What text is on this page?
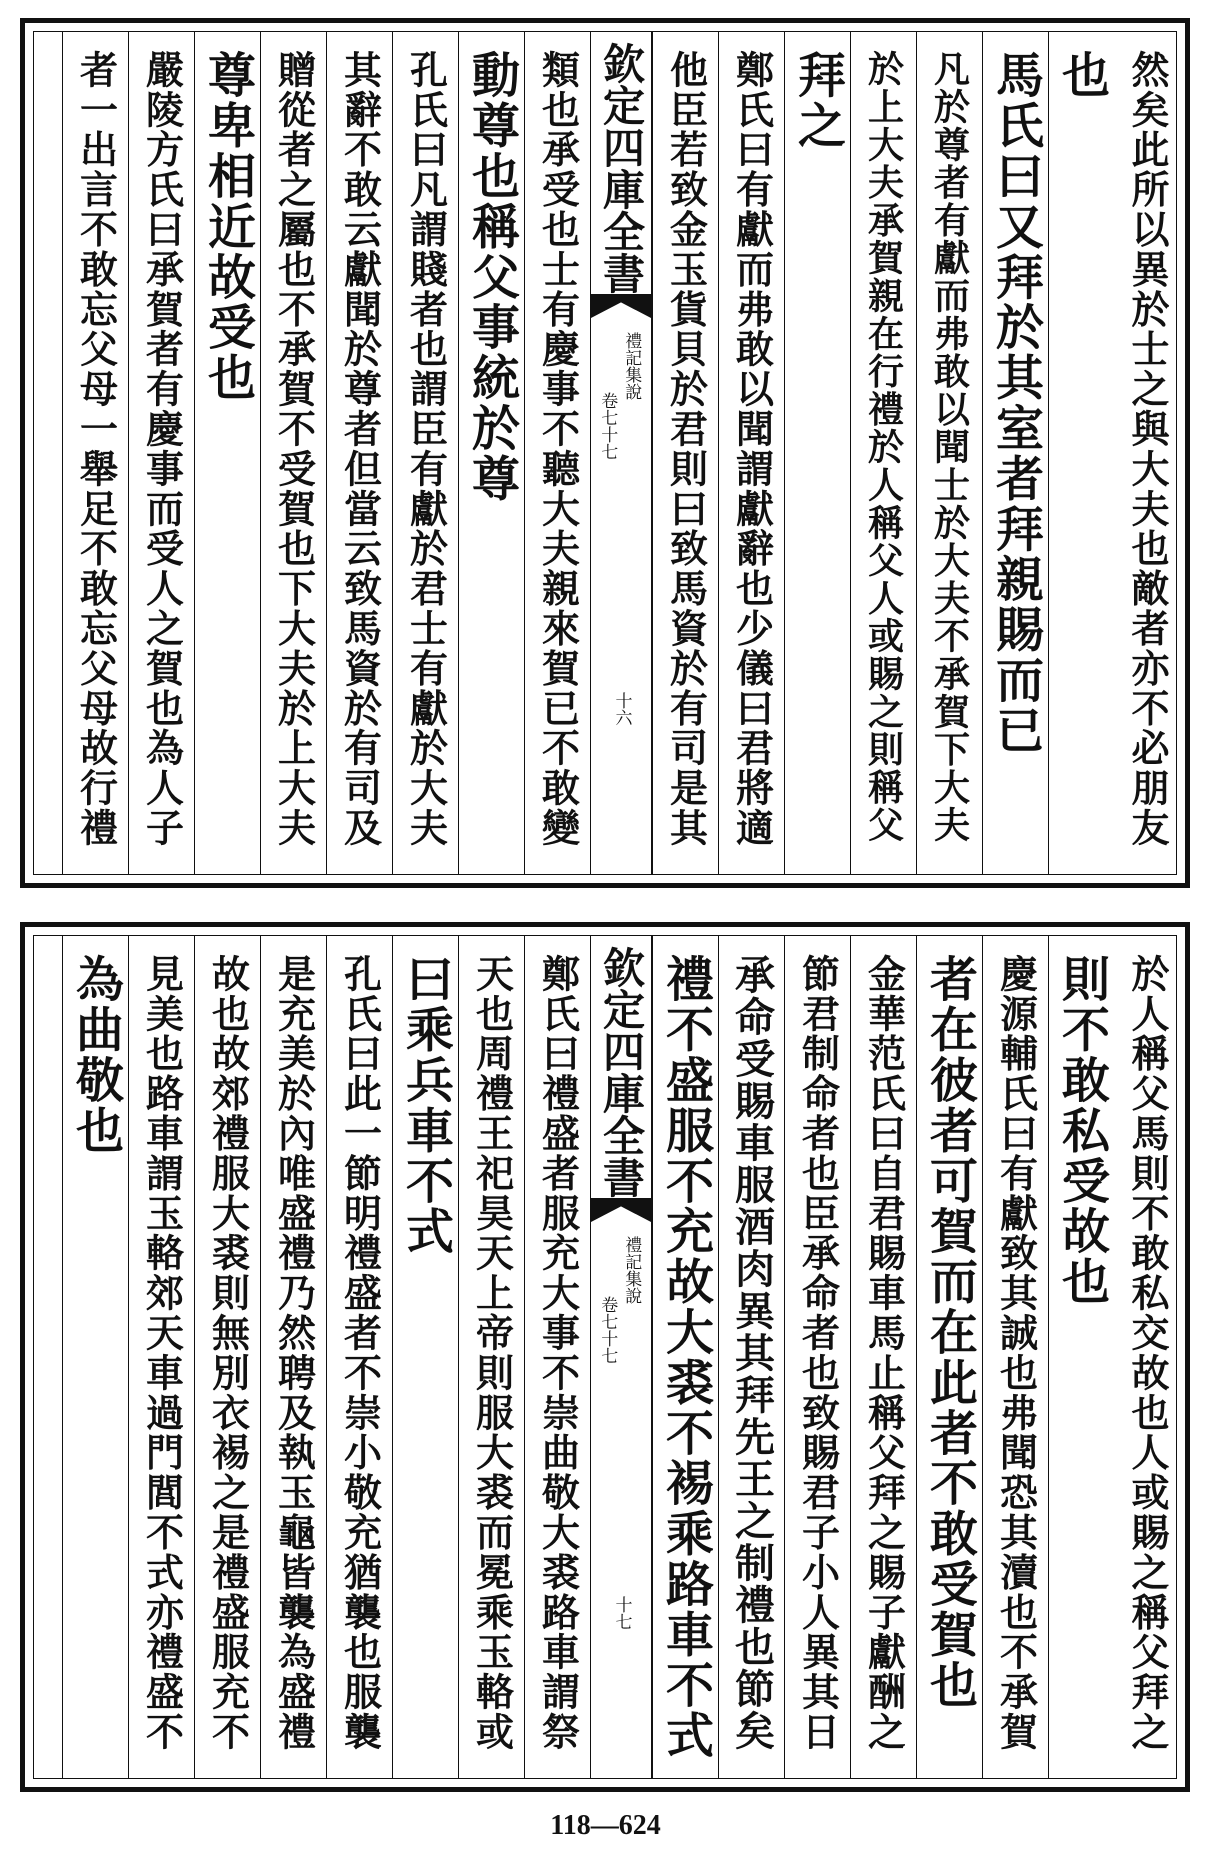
然矣此所以異於士之與大夫也敵者亦不必朋友
也
馬氏曰又拜於其室者拜親賜而已
凡於尊者有獻而弗敢以聞士於大夫不承賀下大夫
於上大夫承賀親在行禮於人稱父人或賜之則稱父
拜之
鄭氏曰有獻而弗敢以聞謂獻辭也少儀曰君將適
他臣若致金玉貨貝於君則曰致馬資於有司是其
欽定四庫全書
禮記集說
卷七十七
十六
類也承受也士有慶事不聽大夫親來賀已不敢變
動尊也稱父事統於尊
孔氏曰凡謂賤者也謂臣有獻於君士有獻於大夫
其辭不敢云獻聞於尊者但當云致馬資於有司及
贈從者之屬也不承賀不受賀也下大夫於上大夫
尊卑相近故受也
嚴陵方氏曰承賀者有慶事而受人之賀也為人子
者一出言不敢忘父母一舉足不敢忘父母故行禮
於人稱父馬則不敢私交故也人或賜之稱父拜之
則不敢私受故也
慶源輔氏曰有獻致其誠也弗聞恐其瀆也不承賀
者在彼者可賀而在此者不敢受賀也
金華范氏曰自君賜車馬止稱父拜之賜子獻酬之
節君制命者也臣承命者也致賜君子小人異其日
承命受賜車服酒肉異其拜先王之制禮也節矣
禮不盛服不充故大裘不裼乘路車不式
欽定四庫全書
禮記集說
卷七十七
十七
鄭氏曰禮盛者服充大事不崇曲敬大裘路車謂祭
天也周禮王祀昊天上帝則服大裘而冕乘玉輅或
曰乘兵車不式
孔氏曰此一節明禮盛者不崇小敬充猶襲也服襲
是充美於內唯盛禮乃然聘及執玉龜皆襲為盛禮
故也故郊禮服大裘則無別衣裼之是禮盛服充不
見美也路車謂玉輅郊天車過門閭不式亦禮盛不
為曲敬也
118—624
